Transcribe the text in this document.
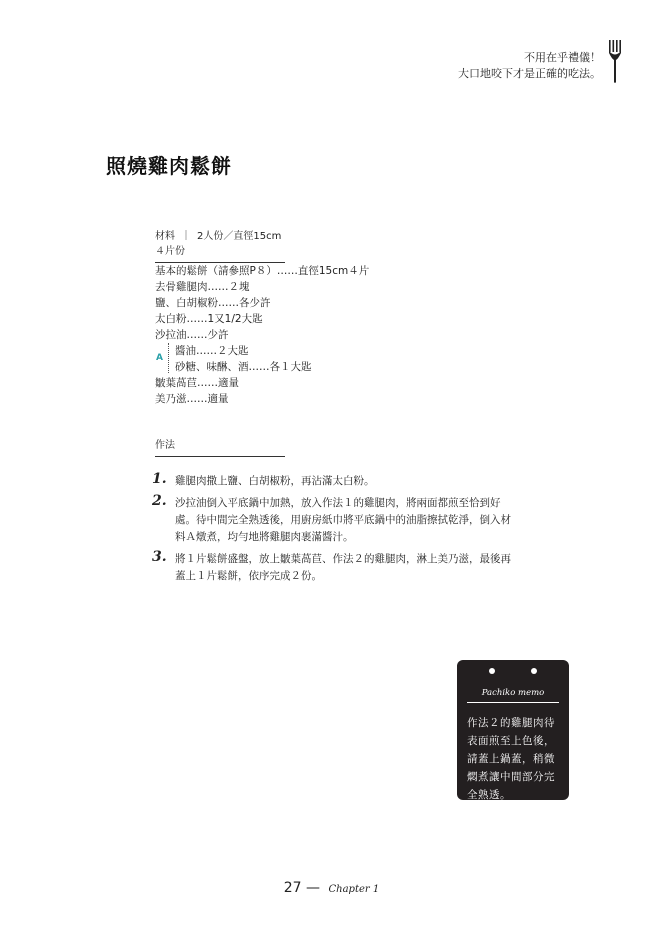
不用在乎禮儀！
大口地咬下才是正確的吃法。
照燒雞肉鬆餅
材料 ｜ 2人份／直徑15cm４片份
基本的鬆餅（請參照P８）……直徑15cm４片
去骨雞腿肉……２塊
鹽、白胡椒粉……各少許
太白粉……1又1/2大匙
沙拉油……少許
A
醬油……２大匙
砂糖、味醂、酒……各１大匙
皺葉萵苣……適量
美乃滋……適量
作法
1. 雞腿肉撒上鹽、白胡椒粉，再沾滿太白粉。
2. 沙拉油倒入平底鍋中加熱，放入作法１的雞腿肉，將兩面都煎至恰到好處。待中間完全熟透後，用廚房紙巾將平底鍋中的油脂擦拭乾淨，倒入材料Ａ燉煮，均勻地將雞腿肉裹滿醬汁。
3. 將１片鬆餅盛盤，放上皺葉萵苣、作法２的雞腿肉，淋上美乃滋，最後再蓋上１片鬆餅，依序完成２份。
Pachiko memo
作法２的雞腿肉待表面煎至上色後，請蓋上鍋蓋，稍微燜煮讓中間部分完全熟透。
27 — Chapter 1
